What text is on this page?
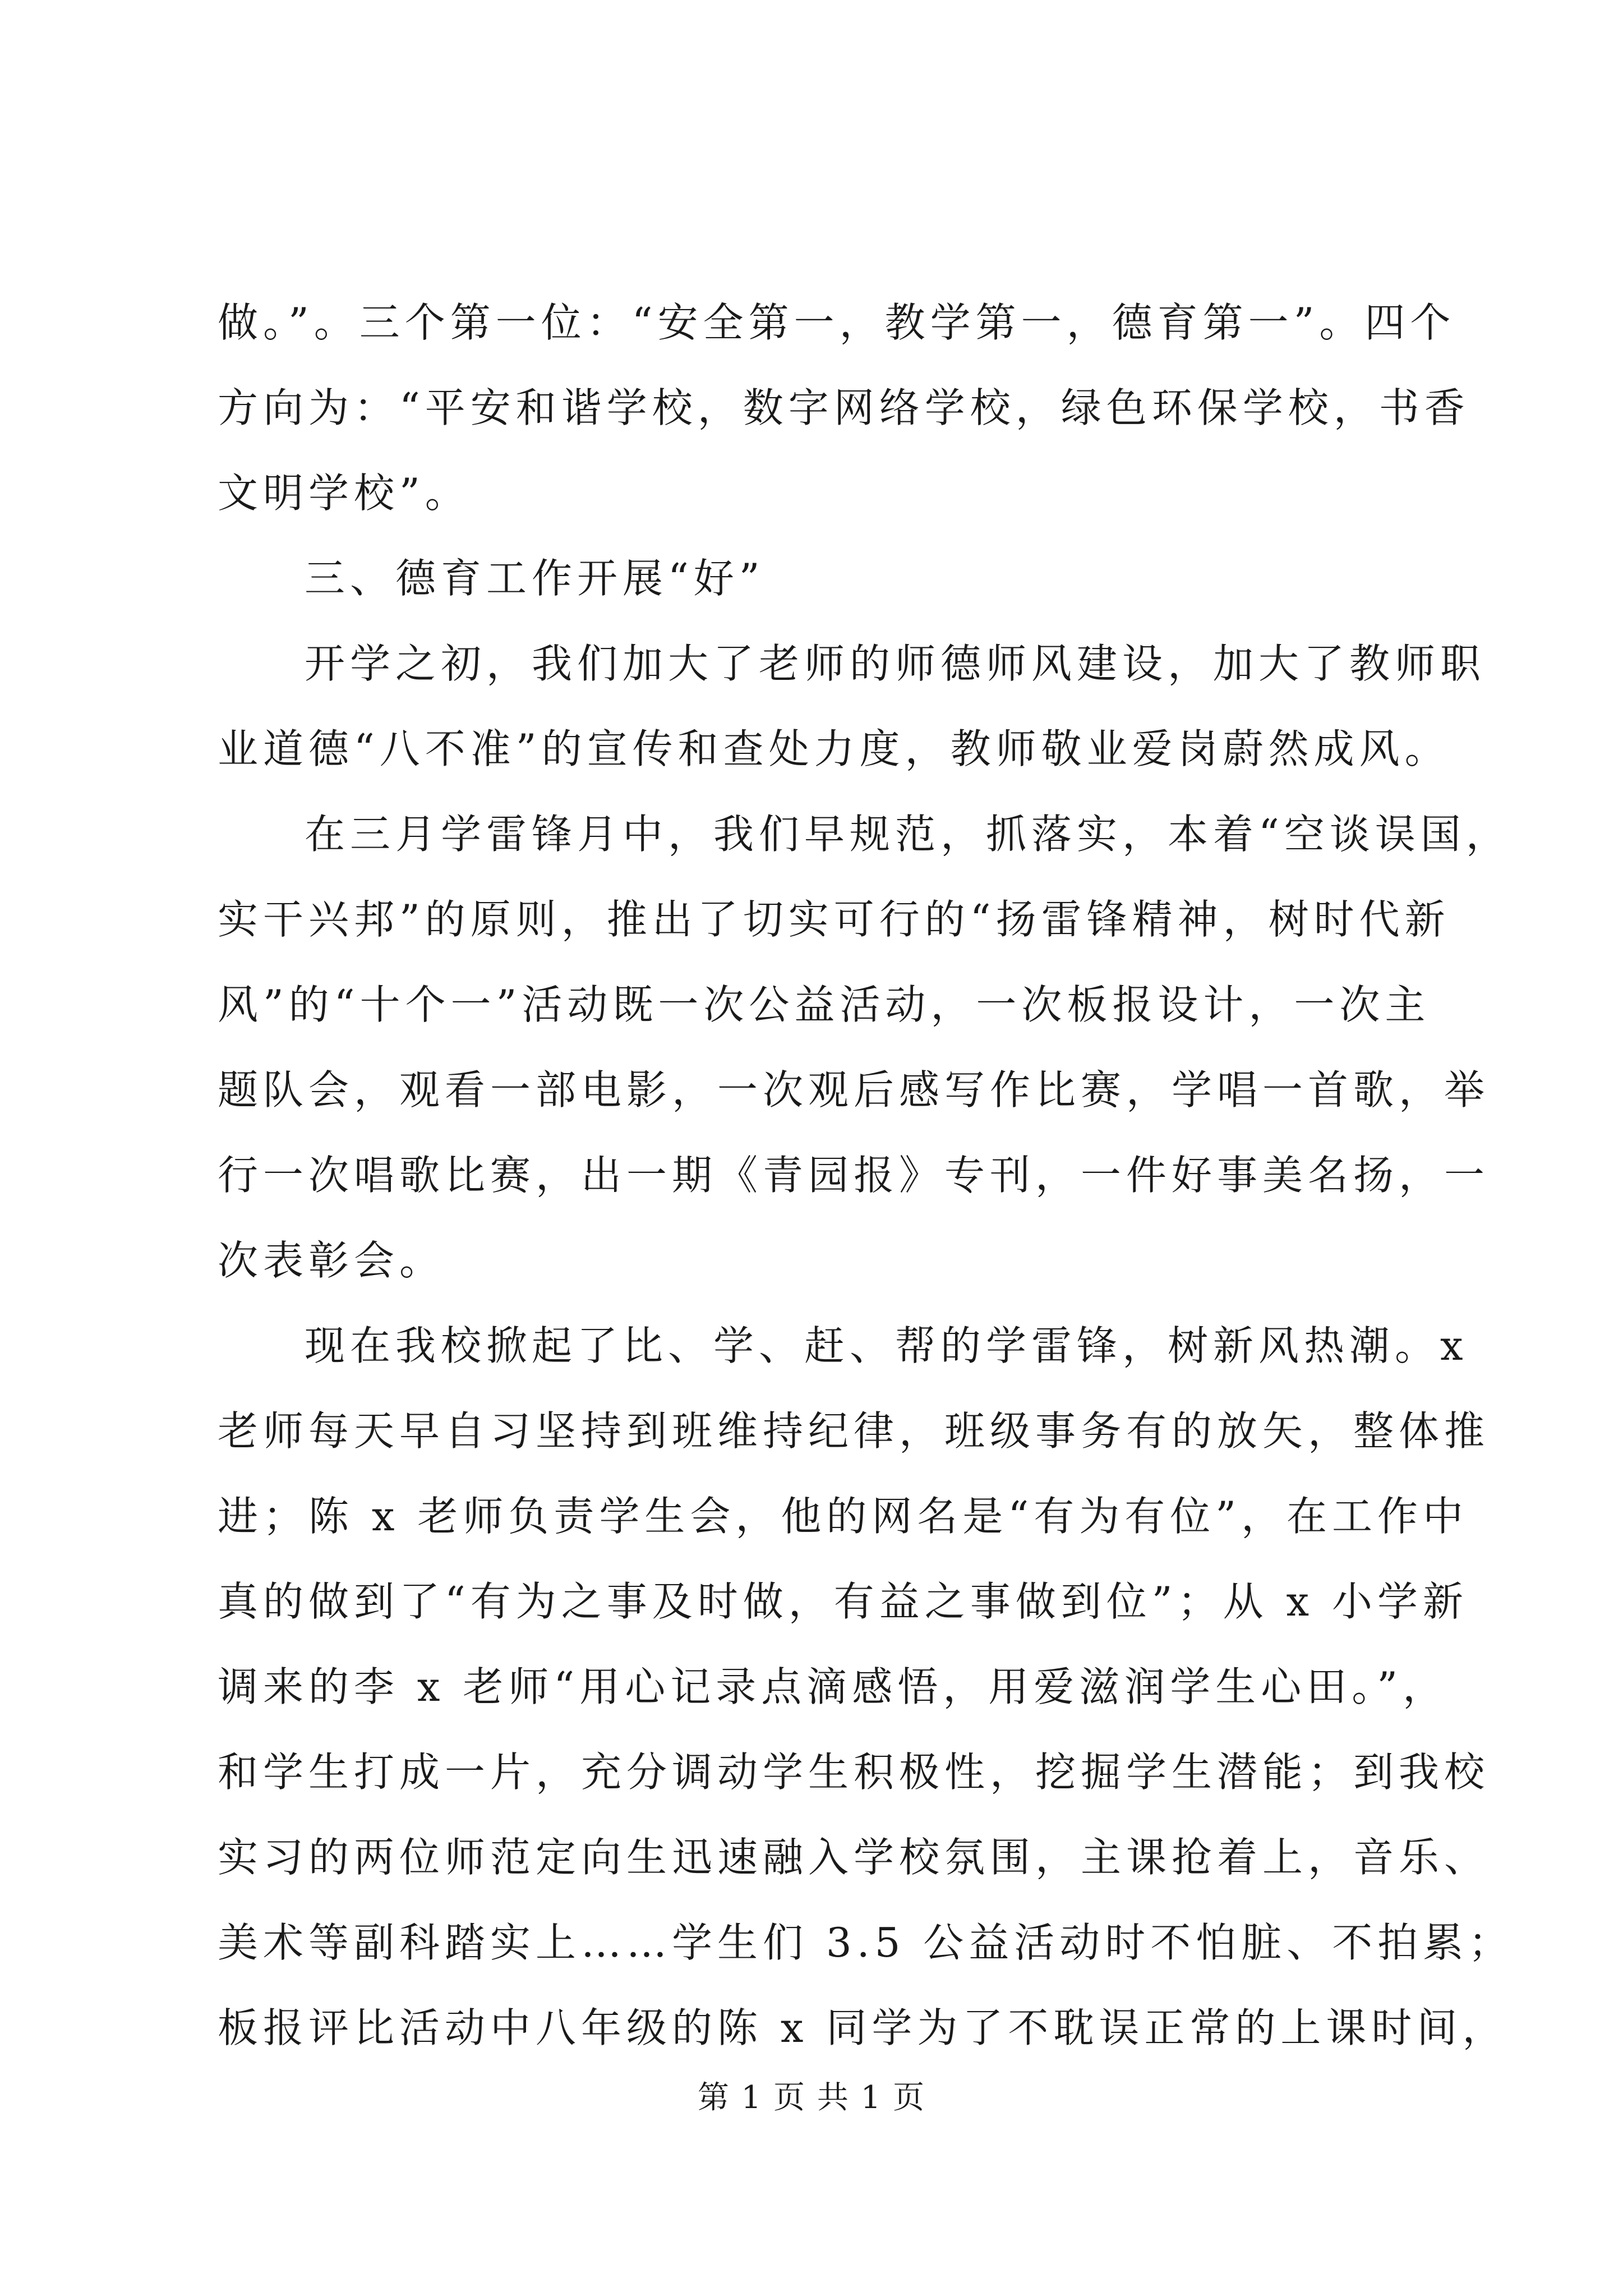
做。”。三个第一位：“安全第一，教学第一，德育第一”。四个
方向为：“平安和谐学校，数字网络学校，绿色环保学校，书香
文明学校”。
三、德育工作开展“好”
开学之初，我们加大了老师的师德师风建设，加大了教师职
业道德“八不准”的宣传和查处力度，教师敬业爱岗蔚然成风。
在三月学雷锋月中，我们早规范，抓落实，本着“空谈误国，
实干兴邦”的原则，推出了切实可行的“扬雷锋精神，树时代新
风”的“十个一”活动既一次公益活动，一次板报设计，一次主
题队会，观看一部电影，一次观后感写作比赛，学唱一首歌，举
行一次唱歌比赛，出一期《青园报》专刊，一件好事美名扬，一
次表彰会。
现在我校掀起了比、学、赶、帮的学雷锋，树新风热潮。x
老师每天早自习坚持到班维持纪律，班级事务有的放矢，整体推
进；陈 x 老师负责学生会，他的网名是“有为有位”，在工作中
真的做到了“有为之事及时做，有益之事做到位”；从 x 小学新
调来的李 x 老师“用心记录点滴感悟，用爱滋润学生心田。”，
和学生打成一片，充分调动学生积极性，挖掘学生潜能；到我校
实习的两位师范定向生迅速融入学校氛围，主课抢着上，音乐、
美术等副科踏实上……学生们 3.5 公益活动时不怕脏、不拍累；
板报评比活动中八年级的陈 x 同学为了不耽误正常的上课时间，
第 1 页 共 1 页
